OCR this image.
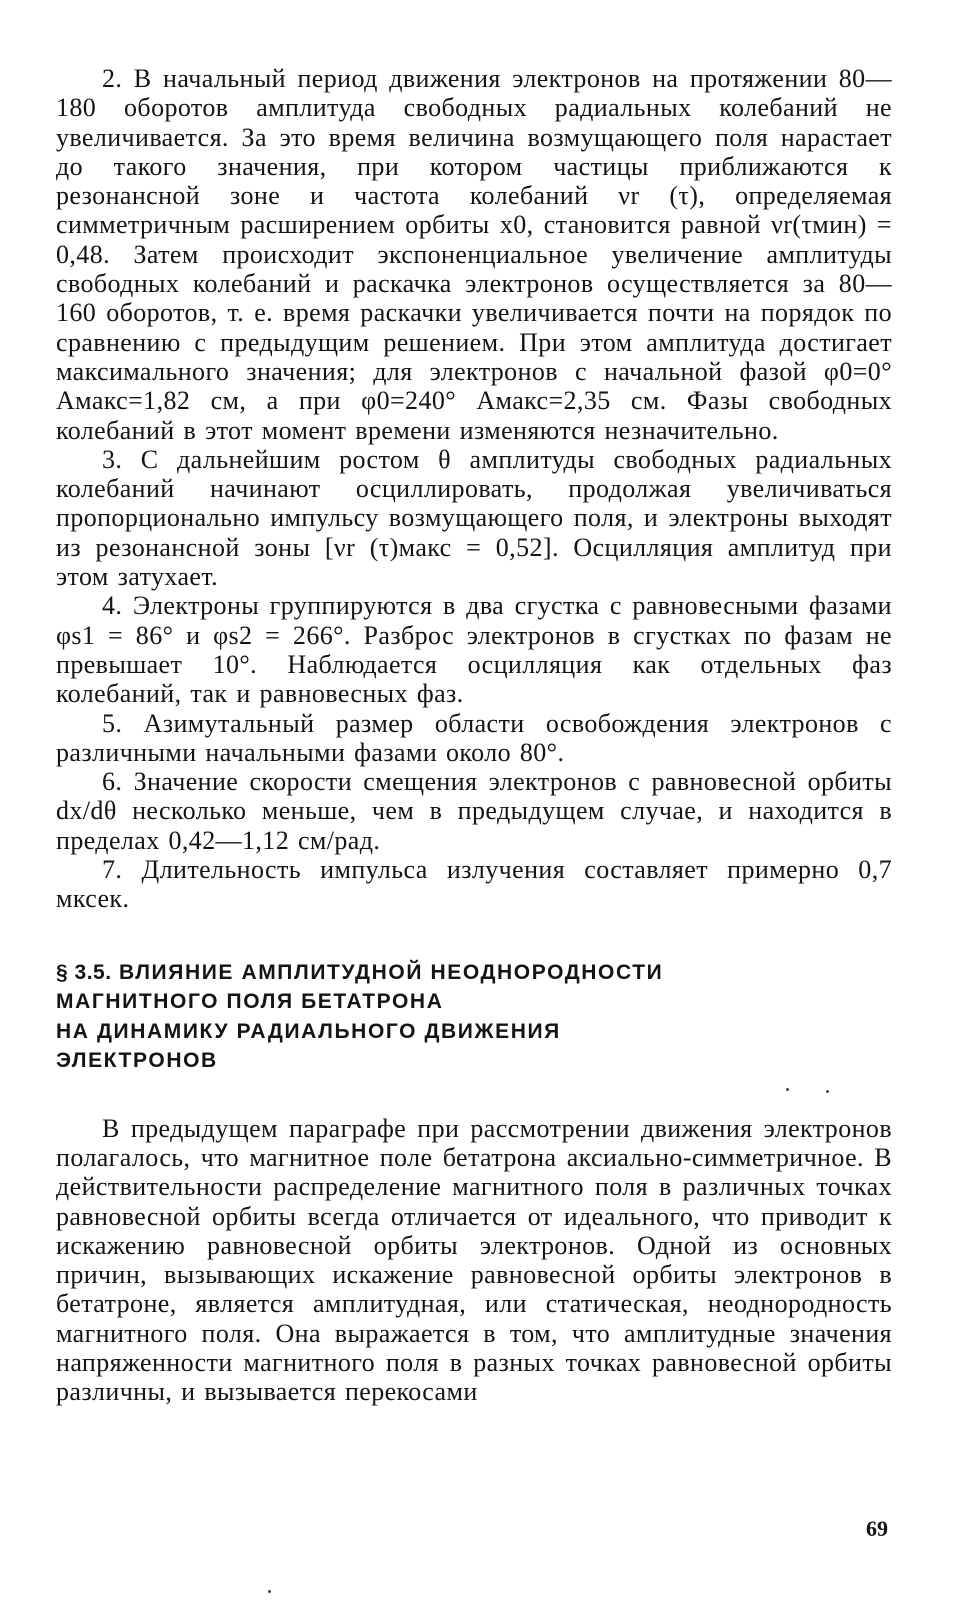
2. В начальный период движения электронов на протяжении 80—180 оборотов амплитуда свободных радиальных колебаний не увеличивается. За это время величина возмущающего поля нарастает до такого значения, при котором частицы приближаются к резонансной зоне и частота колебаний νr (τ), определяемая симметричным расширением орбиты x0, становится равной νr(τмин) = 0,48. Затем происходит экспоненциальное увеличение амплитуды свободных колебаний и раскачка электронов осуществляется за 80—160 оборотов, т. е. время раскачки увеличивается почти на порядок по сравнению с предыдущим решением. При этом амплитуда достигает максимального значения; для электронов с начальной фазой φ0=0° Aмакс=1,82 см, а при φ0=240° Aмакс=2,35 см. Фазы свободных колебаний в этот момент времени изменяются незначительно.

3. С дальнейшим ростом θ амплитуды свободных радиальных колебаний начинают осциллировать, продолжая увеличиваться пропорционально импульсу возмущающего поля, и электроны выходят из резонансной зоны [νr (τ)макс = 0,52]. Осцилляция амплитуд при этом затухает.

4. Электроны группируются в два сгустка с равновесными фазами φs1 = 86° и φs2 = 266°. Разброс электронов в сгустках по фазам не превышает 10°. Наблюдается осцилляция как отдельных фаз колебаний, так и равновесных фаз.

5. Азимутальный размер области освобождения электронов с различными начальными фазами около 80°.

6. Значение скорости смещения электронов с равновесной орбиты dx/dθ несколько меньше, чем в предыдущем случае, и находится в пределах 0,42—1,12 см/рад.

7. Длительность импульса излучения составляет примерно 0,7 мксек.

§ 3.5. ВЛИЯНИЕ АМПЛИТУДНОЙ НЕОДНОРОДНОСТИ
МАГНИТНОГО ПОЛЯ БЕТАТРОНА
НА ДИНАМИКУ РАДИАЛЬНОГО ДВИЖЕНИЯ
ЭЛЕКТРОНОВ

В предыдущем параграфе при рассмотрении движения электронов полагалось, что магнитное поле бетатрона аксиально-симметричное. В действительности распределение магнитного поля в различных точках равновесной орбиты всегда отличается от идеального, что приводит к искажению равновесной орбиты электронов. Одной из основных причин, вызывающих искажение равновесной орбиты электронов в бетатроне, является амплитудная, или статическая, неоднородность магнитного поля. Она выражается в том, что амплитудные значения напряженности магнитного поля в разных точках равновесной орбиты различны, и вызывается перекосами

69
